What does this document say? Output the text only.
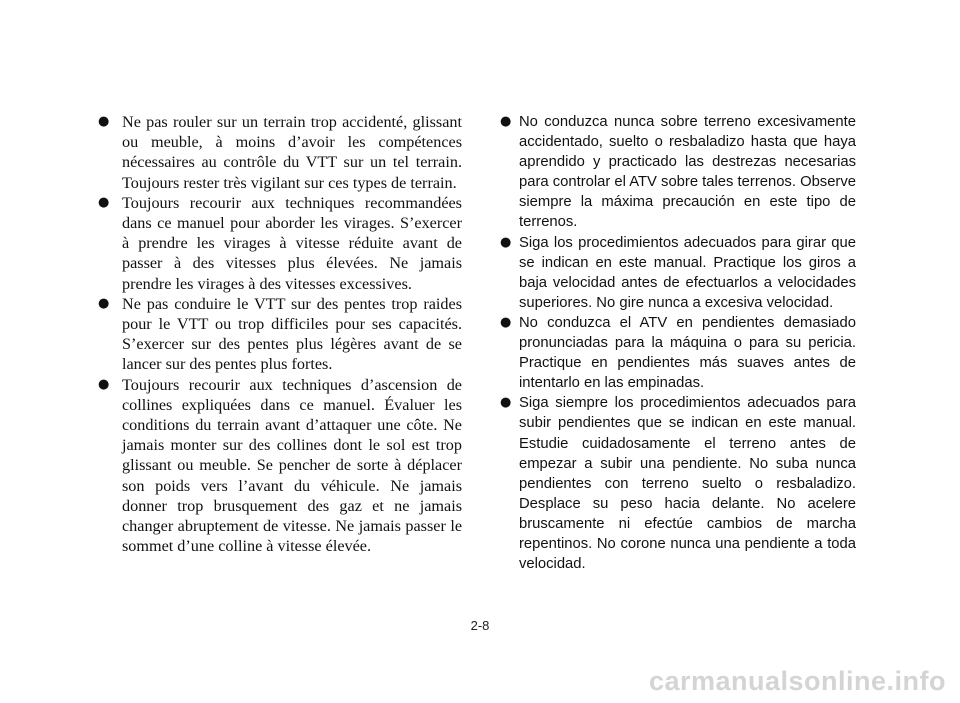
● Ne pas rouler sur un terrain trop accidenté, glissant ou meuble, à moins d’avoir les compétences nécessaires au contrôle du VTT sur un tel terrain. Toujours rester très vigilant sur ces types de terrain.
● Toujours recourir aux techniques recommandées dans ce manuel pour aborder les virages. S’exercer à prendre les virages à vitesse réduite avant de passer à des vitesses plus élevées. Ne jamais prendre les virages à des vitesses excessives.
● Ne pas conduire le VTT sur des pentes trop raides pour le VTT ou trop difficiles pour ses capacités. S’exercer sur des pentes plus légères avant de se lancer sur des pentes plus fortes.
● Toujours recourir aux techniques d’ascension de collines expliquées dans ce manuel. Évaluer les conditions du terrain avant d’attaquer une côte. Ne jamais monter sur des collines dont le sol est trop glissant ou meuble. Se pencher de sorte à déplacer son poids vers l’avant du véhicule. Ne jamais donner trop brusquement des gaz et ne jamais changer abruptement de vitesse. Ne jamais passer le sommet d’une colline à vitesse élevée.
● No conduzca nunca sobre terreno excesivamente accidentado, suelto o resbaladizo hasta que haya aprendido y practicado las destrezas necesarias para controlar el ATV sobre tales terrenos. Observe siempre la máxima precaución en este tipo de terrenos.
● Siga los procedimientos adecuados para girar que se indican en este manual. Practique los giros a baja velocidad antes de efectuarlos a velocidades superiores. No gire nunca a excesiva velocidad.
● No conduzca el ATV en pendientes demasiado pronunciadas para la máquina o para su pericia. Practique en pendientes más suaves antes de intentarlo en las empinadas.
● Siga siempre los procedimientos adecuados para subir pendientes que se indican en este manual. Estudie cuidadosamente el terreno antes de empezar a subir una pendiente. No suba nunca pendientes con terreno suelto o resbaladizo. Desplace su peso hacia delante. No acelere bruscamente ni efectúe cambios de marcha repentinos. No corone nunca una pendiente a toda velocidad.
2-8
carmanualsonline.info
